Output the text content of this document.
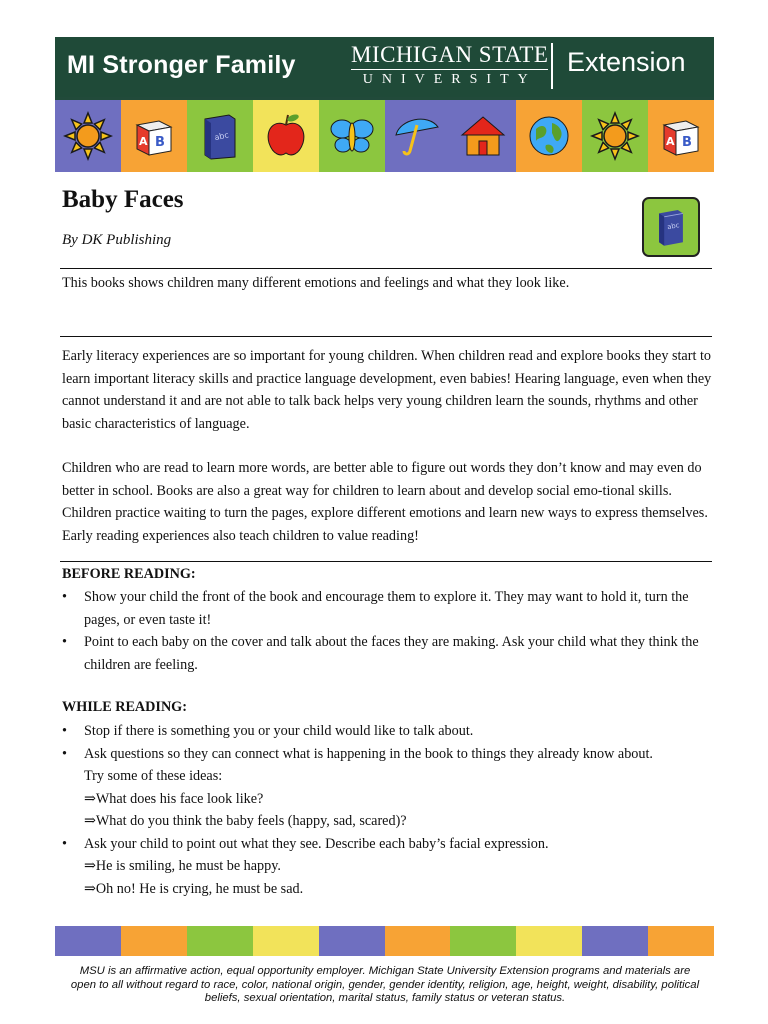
MI Stronger Family MICHIGAN STATE
UNIVERSITY
Extension
A B	abc	A B
Baby Faces
By DK Publishing
abc
This books shows children many different emotions and feelings and what they look like.
Early literacy experiences are so important for young children. When children read and explore books they start to learn important literacy skills and practice language development, even babies! Hearing language, even when they cannot understand it and are not able to talk back helps very young children learn the sounds, rhythms and other basic characteristics of language.
Children who are read to learn more words, are better able to figure out words they don’t know and may even do better in school. Books are also a great way for children to learn about and develop social emo-tional skills. Children practice waiting to turn the pages, explore different emotions and learn new ways to express themselves. Early reading experiences also teach children to value reading!
BEFORE READING:
• Show your child the front of the book and encourage them to explore it. They may want to hold it, turn the pages, or even taste it!
• Point to each baby on the cover and talk about the faces they are making. Ask your child what they think the children are feeling.
WHILE READING:
• Stop if there is something you or your child would like to talk about.
• Ask questions so they can connect what is happening in the book to things they already know about.
Try some of these ideas:
⇒What does his face look like?
⇒What do you think the baby feels (happy, sad, scared)?
• Ask your child to point out what they see. Describe each baby’s facial expression.
⇒He is smiling, he must be happy.
⇒Oh no! He is crying, he must be sad.
MSU is an affirmative action, equal opportunity employer. Michigan State University Extension programs and materials are open to all without regard to race, color, national origin, gender, gender identity, religion, age, height, weight, disability, political beliefs, sexual orientation, marital status, family status or veteran status.
